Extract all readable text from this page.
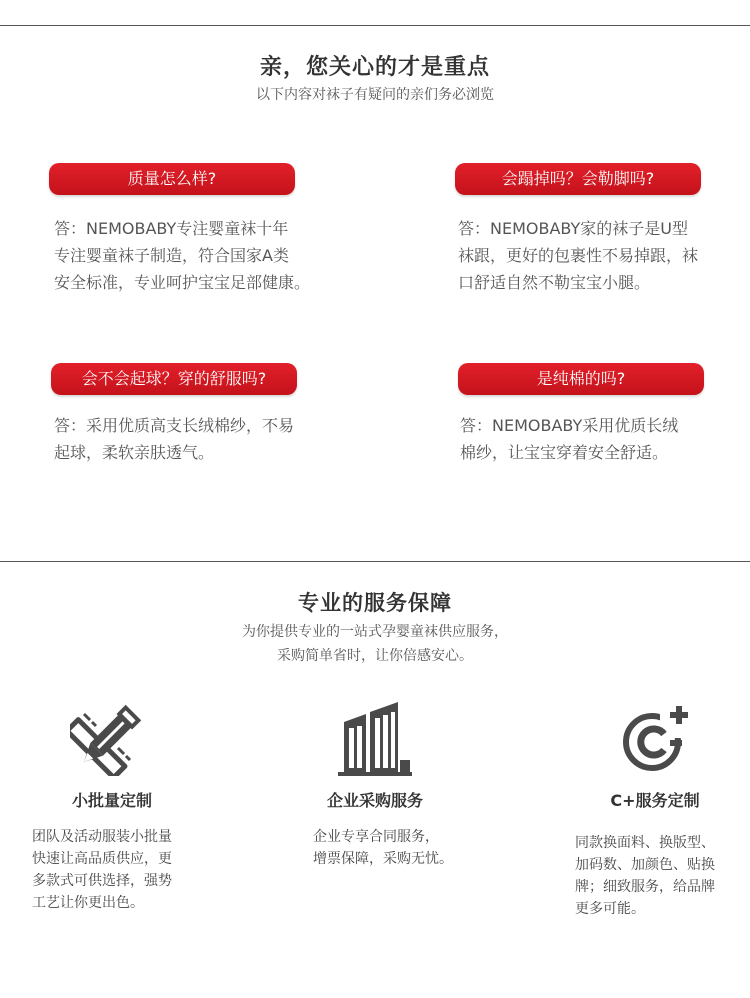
亲，您关心的才是重点
以下内容对袜子有疑问的亲们务必浏览
质量怎么样?
答：NEMOBABY专注婴童袜十年
专注婴童袜子制造，符合国家A类
安全标准，专业呵护宝宝足部健康。
会蹋掉吗？会勒脚吗?
答：NEMOBABY家的袜子是U型
袜跟，更好的包裹性不易掉跟，袜
口舒适自然不勒宝宝小腿。
会不会起球？穿的舒服吗?
答：采用优质高支长绒棉纱，不易
起球，柔软亲肤透气。
是纯棉的吗?
答：NEMOBABY采用优质长绒
棉纱，让宝宝穿着安全舒适。
专业的服务保障
为你提供专业的一站式孕婴童袜供应服务，
采购简单省时，让你倍感安心。
小批量定制
团队及活动服装小批量
快速让高品质供应，更
多款式可供选择，强势
工艺让你更出色。
企业采购服务
企业专享合同服务，
增票保障，采购无忧。
C+服务定制
同款换面料、换版型、
加码数、加颜色、贴换
牌；细致服务，给品牌
更多可能。
